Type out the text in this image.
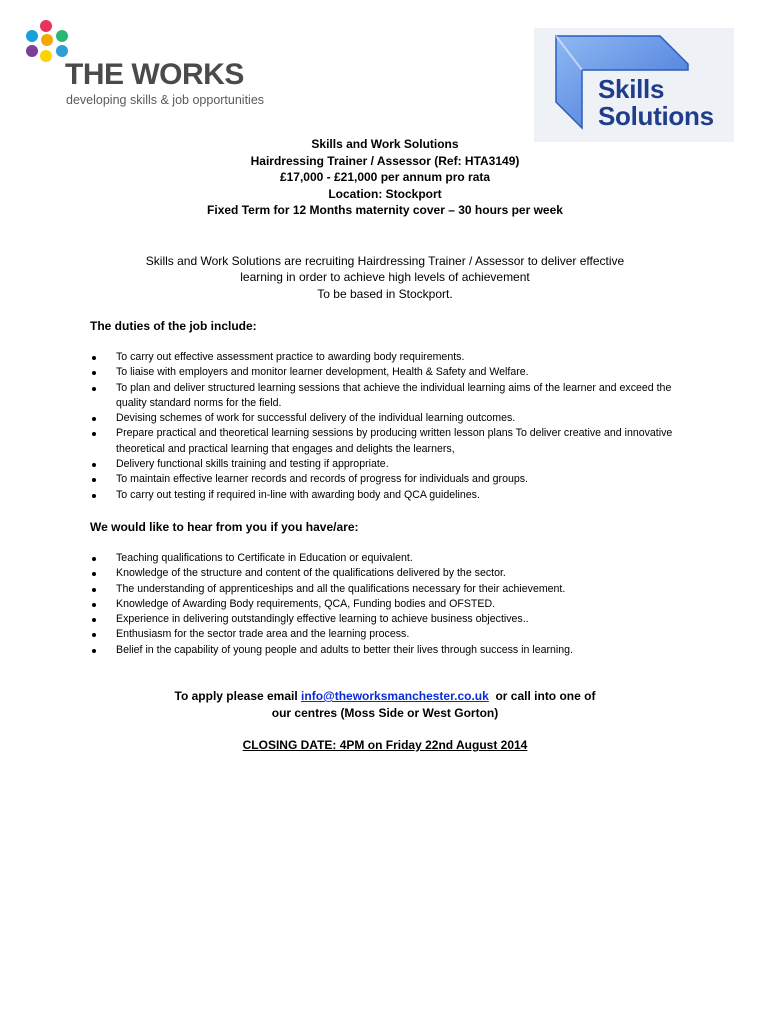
THE WORKS
developing skills & job opportunities	Skills
Solutions
Skills and Work Solutions
Hairdressing Trainer / Assessor (Ref: HTA3149)
£17,000 - £21,000 per annum pro rata
Location: Stockport
Fixed Term for 12 Months maternity cover – 30 hours per week
Skills and Work Solutions are recruiting Hairdressing Trainer / Assessor to deliver effective
learning in order to achieve high levels of achievement
To be based in Stockport.
The duties of the job include:
To carry out effective assessment practice to awarding body requirements.
To liaise with employers and monitor learner development, Health & Safety and Welfare.
To plan and deliver structured learning sessions that achieve the individual learning aims of the learner and exceed the quality standard norms for the field.
Devising schemes of work for successful delivery of the individual learning outcomes.
Prepare practical and theoretical learning sessions by producing written lesson plans To deliver creative and innovative theoretical and practical learning that engages and delights the learners,
Delivery functional skills training and testing if appropriate.
To maintain effective learner records and records of progress for individuals and groups.
To carry out testing if required in-line with awarding body and QCA guidelines.
We would like to hear from you if you have/are:
Teaching qualifications to Certificate in Education or equivalent.
Knowledge of the structure and content of the qualifications delivered by the sector.
The understanding of apprenticeships and all the qualifications necessary for their achievement.
Knowledge of Awarding Body requirements, QCA, Funding bodies and OFSTED.
Experience in delivering outstandingly effective learning to achieve business objectives..
Enthusiasm for the sector trade area and the learning process.
Belief in the capability of young people and adults to better their lives through success in learning.
To apply please email info@theworksmanchester.co.uk  or call into one of
our centres (Moss Side or West Gorton)
CLOSING DATE: 4PM on Friday 22nd August 2014
